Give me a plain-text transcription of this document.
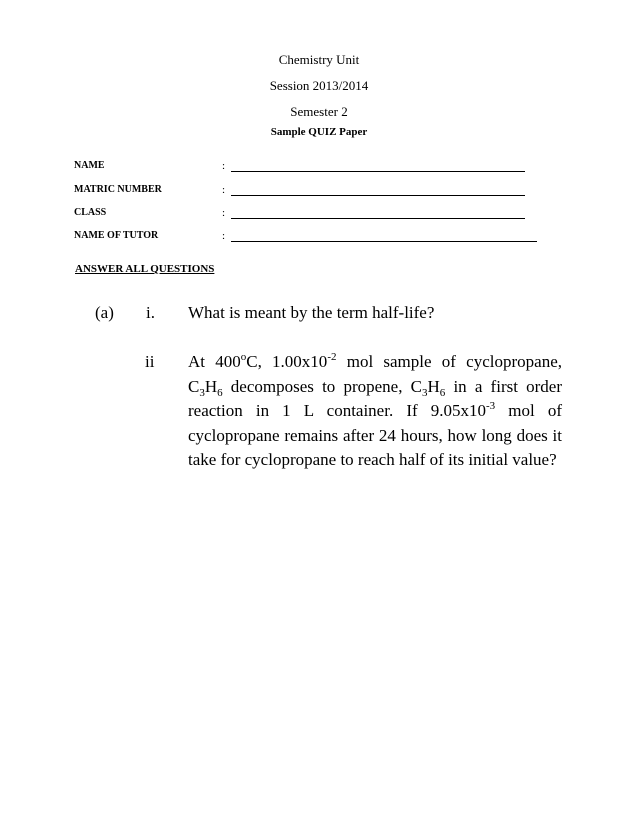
Chemistry Unit
Session 2013/2014
Semester 2
Sample QUIZ Paper
NAME	:
MATRIC NUMBER	:
CLASS	:
NAME OF TUTOR	:
ANSWER ALL QUESTIONS
(a) i. What is meant by the term half-life?
ii At 400$^o$C, $1.00x10^{-2}$ mol sample of cyclopropane, $C_3H_6$ decomposes to propene, $C_3H_6$ in a first order reaction in 1 L container. If $9.05x10^{-3}$ mol of cyclopropane remains after 24 hours, how long does it take for cyclopropane to reach half of its initial value?
